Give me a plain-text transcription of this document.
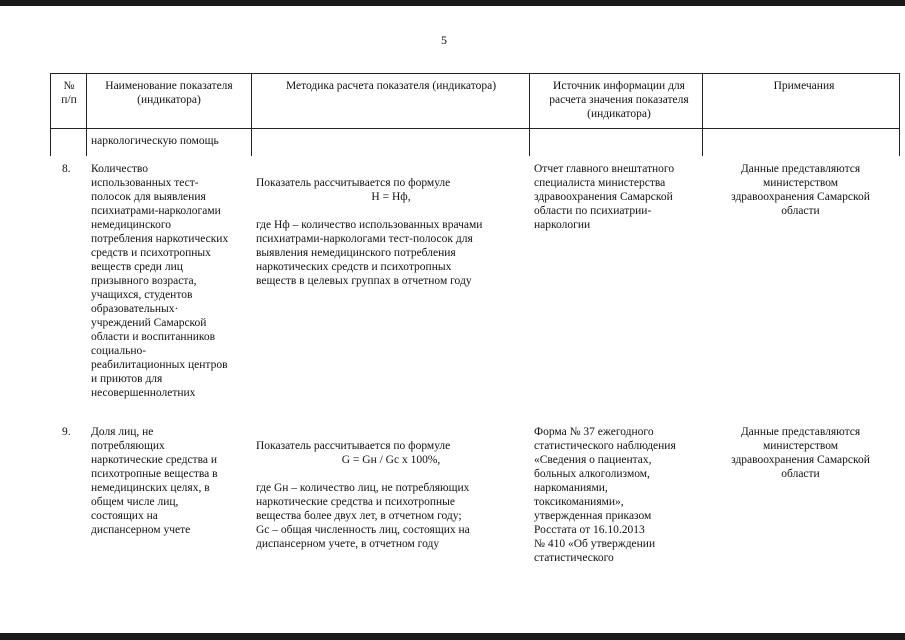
5
№
п/п
Наименование показателя
(индикатора)
Методика расчета показателя (индикатора)	Источник информации для
расчета значения показателя
(индикатора)
Примечания
наркологическую помощь
8. Количество
использованных тест-
полосок для выявления
психиатрами-наркологами
немедицинского
потребления наркотических
средств и психотропных
веществ среди лиц
призывного возраста,
учащихся, студентов
образовательных·
учреждений Самарской
области и воспитанников
социально-
реабилитационных центров
и приютов для
несовершеннолетних

Показатель рассчитывается по формуле

Н = Нф,

где Нф – количество использованных врачами
психиатрами-наркологами тест-полосок для
выявления немедицинского потребления
наркотических средств и психотропных
веществ в целевых группах в отчетном году

Отчет главного внештатного
специалиста министерства
здравоохранения Самарской
области по психиатрии-
наркологии
Данные представляются
министерством
здравоохранения Самарской
области
9. Доля лиц, не
потребляющих
наркотические средства и
психотропные вещества в
немедицинских целях, в
общем числе лиц,
состоящих на
диспансерном учете

Показатель рассчитывается по формуле

G = Gн / Gс х 100%,

где Gн – количество лиц, не потребляющих
наркотические средства и психотропные
вещества более двух лет, в отчетном году;
Gс – общая численность лиц, состоящих на
диспансерном учете, в отчетном году

Форма № 37 ежегодного
статистического наблюдения
«Сведения о пациентах,
больных алкоголизмом,
наркоманиями,
токсикоманиями»,
утвержденная приказом
Росстата от 16.10.2013
№ 410 «Об утверждении
статистического
Данные представляются
министерством
здравоохранения Самарской
области
